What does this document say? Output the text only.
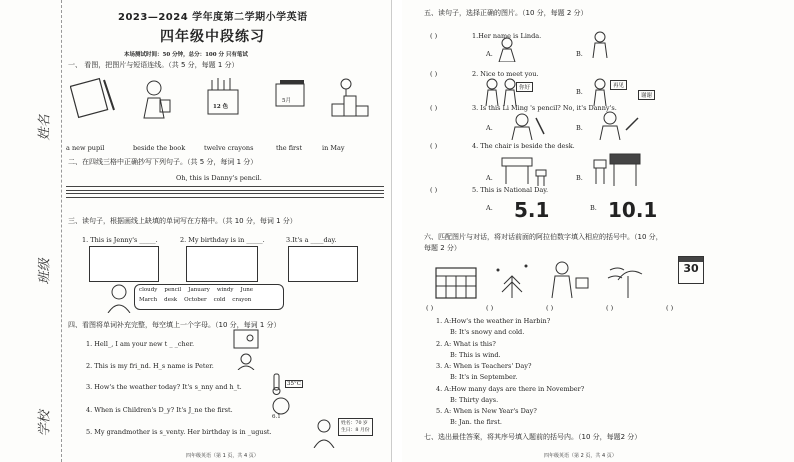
姓名
班级
学校
2023—2024 学年度第二学期小学英语
四年级中段练习
本场测试时间：50 分钟，总分：100 分 只有笔试
一、 看图，把图片与短语连线。（共 5 分，每题 1 分）
12 色
5月
a new pupil	beside the book	twelve crayons	the first	in May
二、在四线三格中正确抄写下列句子。（共 5 分，每词 1 分）
Oh, this is Danny's pencil.
三、读句子，根据画线上缺填的单词写在方格中。（共 10 分，每词 1 分）
1. This is Jenny's _____.	2. My birthday is in _____.	3.It's a ____day.
cloudy pencil January windy June
March desk October cold crayon
四、看图将单词补充完整，每空填上一个字母。（10 分，每词 1 分）
1. Hell_, I am your new t _ _cher.
2. This is my fri_nd. H_s name is Peter.
3. How's the weather today? It's s_nny and h_t.
4. When is Children's D_y? It's J_ne the first.
5. My grandmother is s_venty. Her birthday is in _ugust.
35°C
6.1
姓名：70 岁
生日：8 月份
四年级英语（第 1 页，共 4 页）
五、读句子，选择正确的图片。（10 分，每题 2 分）
( )	1.Her name is Linda.
A.	B.
( )	2. Nice to meet you.
你好	B.
再见
谢谢
( )	3. Is this Li Ming 's pencil? No, it's Danny's.
A.	B.
( )	4. The chair is beside the desk.
A.	B.
( )	5. This is National Day.
A. 5.1	B. 10.1
六、匹配图片与对话，将对话前面的阿拉伯数字填入相应的括号中。（10 分，
每题 2 分）
30
( )	( )	( )	( )	( )
1. A:How's the weather in Harbin?
B: It's snowy and cold.
2. A: What is this?
B: This is wind.
3. A: When is Teachers' Day?
B: It's in September.
4. A:How many days are there in November?
B: Thirty days.
5. A: When is New Year's Day?
B: Jan. the first.
七、选出最佳答案，将其序号填入题前的括号内。（10 分，每题2 分）
四年级英语（第 2 页，共 4 页）
